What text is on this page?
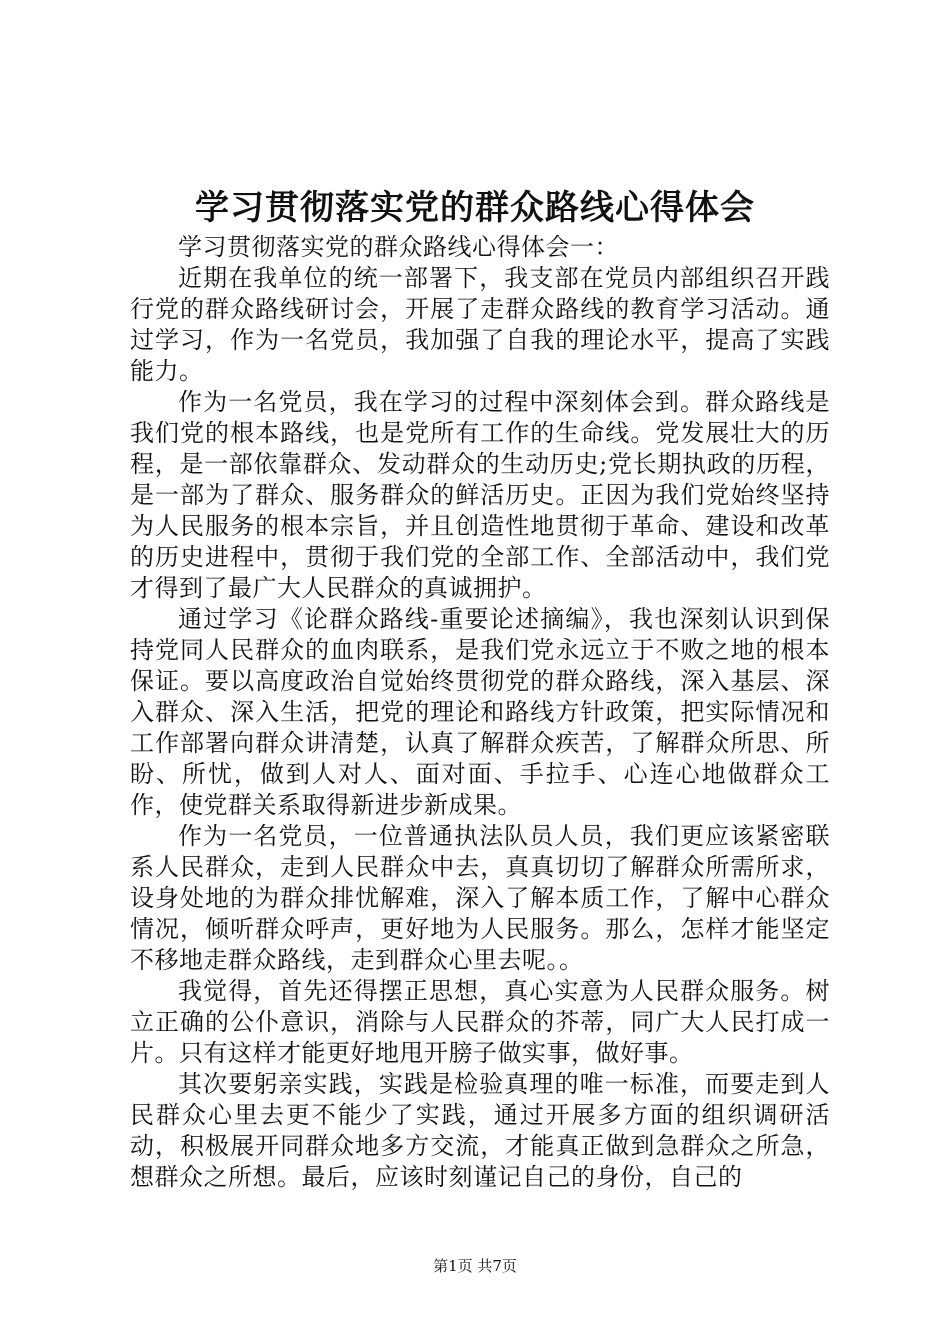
学习贯彻落实党的群众路线心得体会

学习贯彻落实党的群众路线心得体会一：

近期在我单位的统一部署下，我支部在党员内部组织召开践行党的群众路线研讨会，开展了走群众路线的教育学习活动。通过学习，作为一名党员，我加强了自我的理论水平，提高了实践能力。

作为一名党员，我在学习的过程中深刻体会到。群众路线是我们党的根本路线，也是党所有工作的生命线。党发展壮大的历程，是一部依靠群众、发动群众的生动历史;党长期执政的历程，是一部为了群众、服务群众的鲜活历史。正因为我们党始终坚持为人民服务的根本宗旨，并且创造性地贯彻于革命、建设和改革的历史进程中，贯彻于我们党的全部工作、全部活动中，我们党才得到了最广大人民群众的真诚拥护。

通过学习《论群众路线-重要论述摘编》，我也深刻认识到保持党同人民群众的血肉联系，是我们党永远立于不败之地的根本保证。要以高度政治自觉始终贯彻党的群众路线，深入基层、深入群众、深入生活，把党的理论和路线方针政策，把实际情况和工作部署向群众讲清楚，认真了解群众疾苦，了解群众所思、所盼、所忧，做到人对人、面对面、手拉手、心连心地做群众工作，使党群关系取得新进步新成果。

作为一名党员，一位普通执法队员人员，我们更应该紧密联系人民群众，走到人民群众中去，真真切切了解群众所需所求，设身处地的为群众排忧解难，深入了解本质工作，了解中心群众情况，倾听群众呼声，更好地为人民服务。那么，怎样才能坚定不移地走群众路线，走到群众心里去呢。。

我觉得，首先还得摆正思想，真心实意为人民群众服务。树立正确的公仆意识，消除与人民群众的芥蒂，同广大人民打成一片。只有这样才能更好地甩开膀子做实事，做好事。

其次要躬亲实践，实践是检验真理的唯一标准，而要走到人民群众心里去更不能少了实践，通过开展多方面的组织调研活动，积极展开同群众地多方交流，才能真正做到急群众之所急，想群众之所想。最后，应该时刻谨记自己的身份，自己的

第1页 共7页
